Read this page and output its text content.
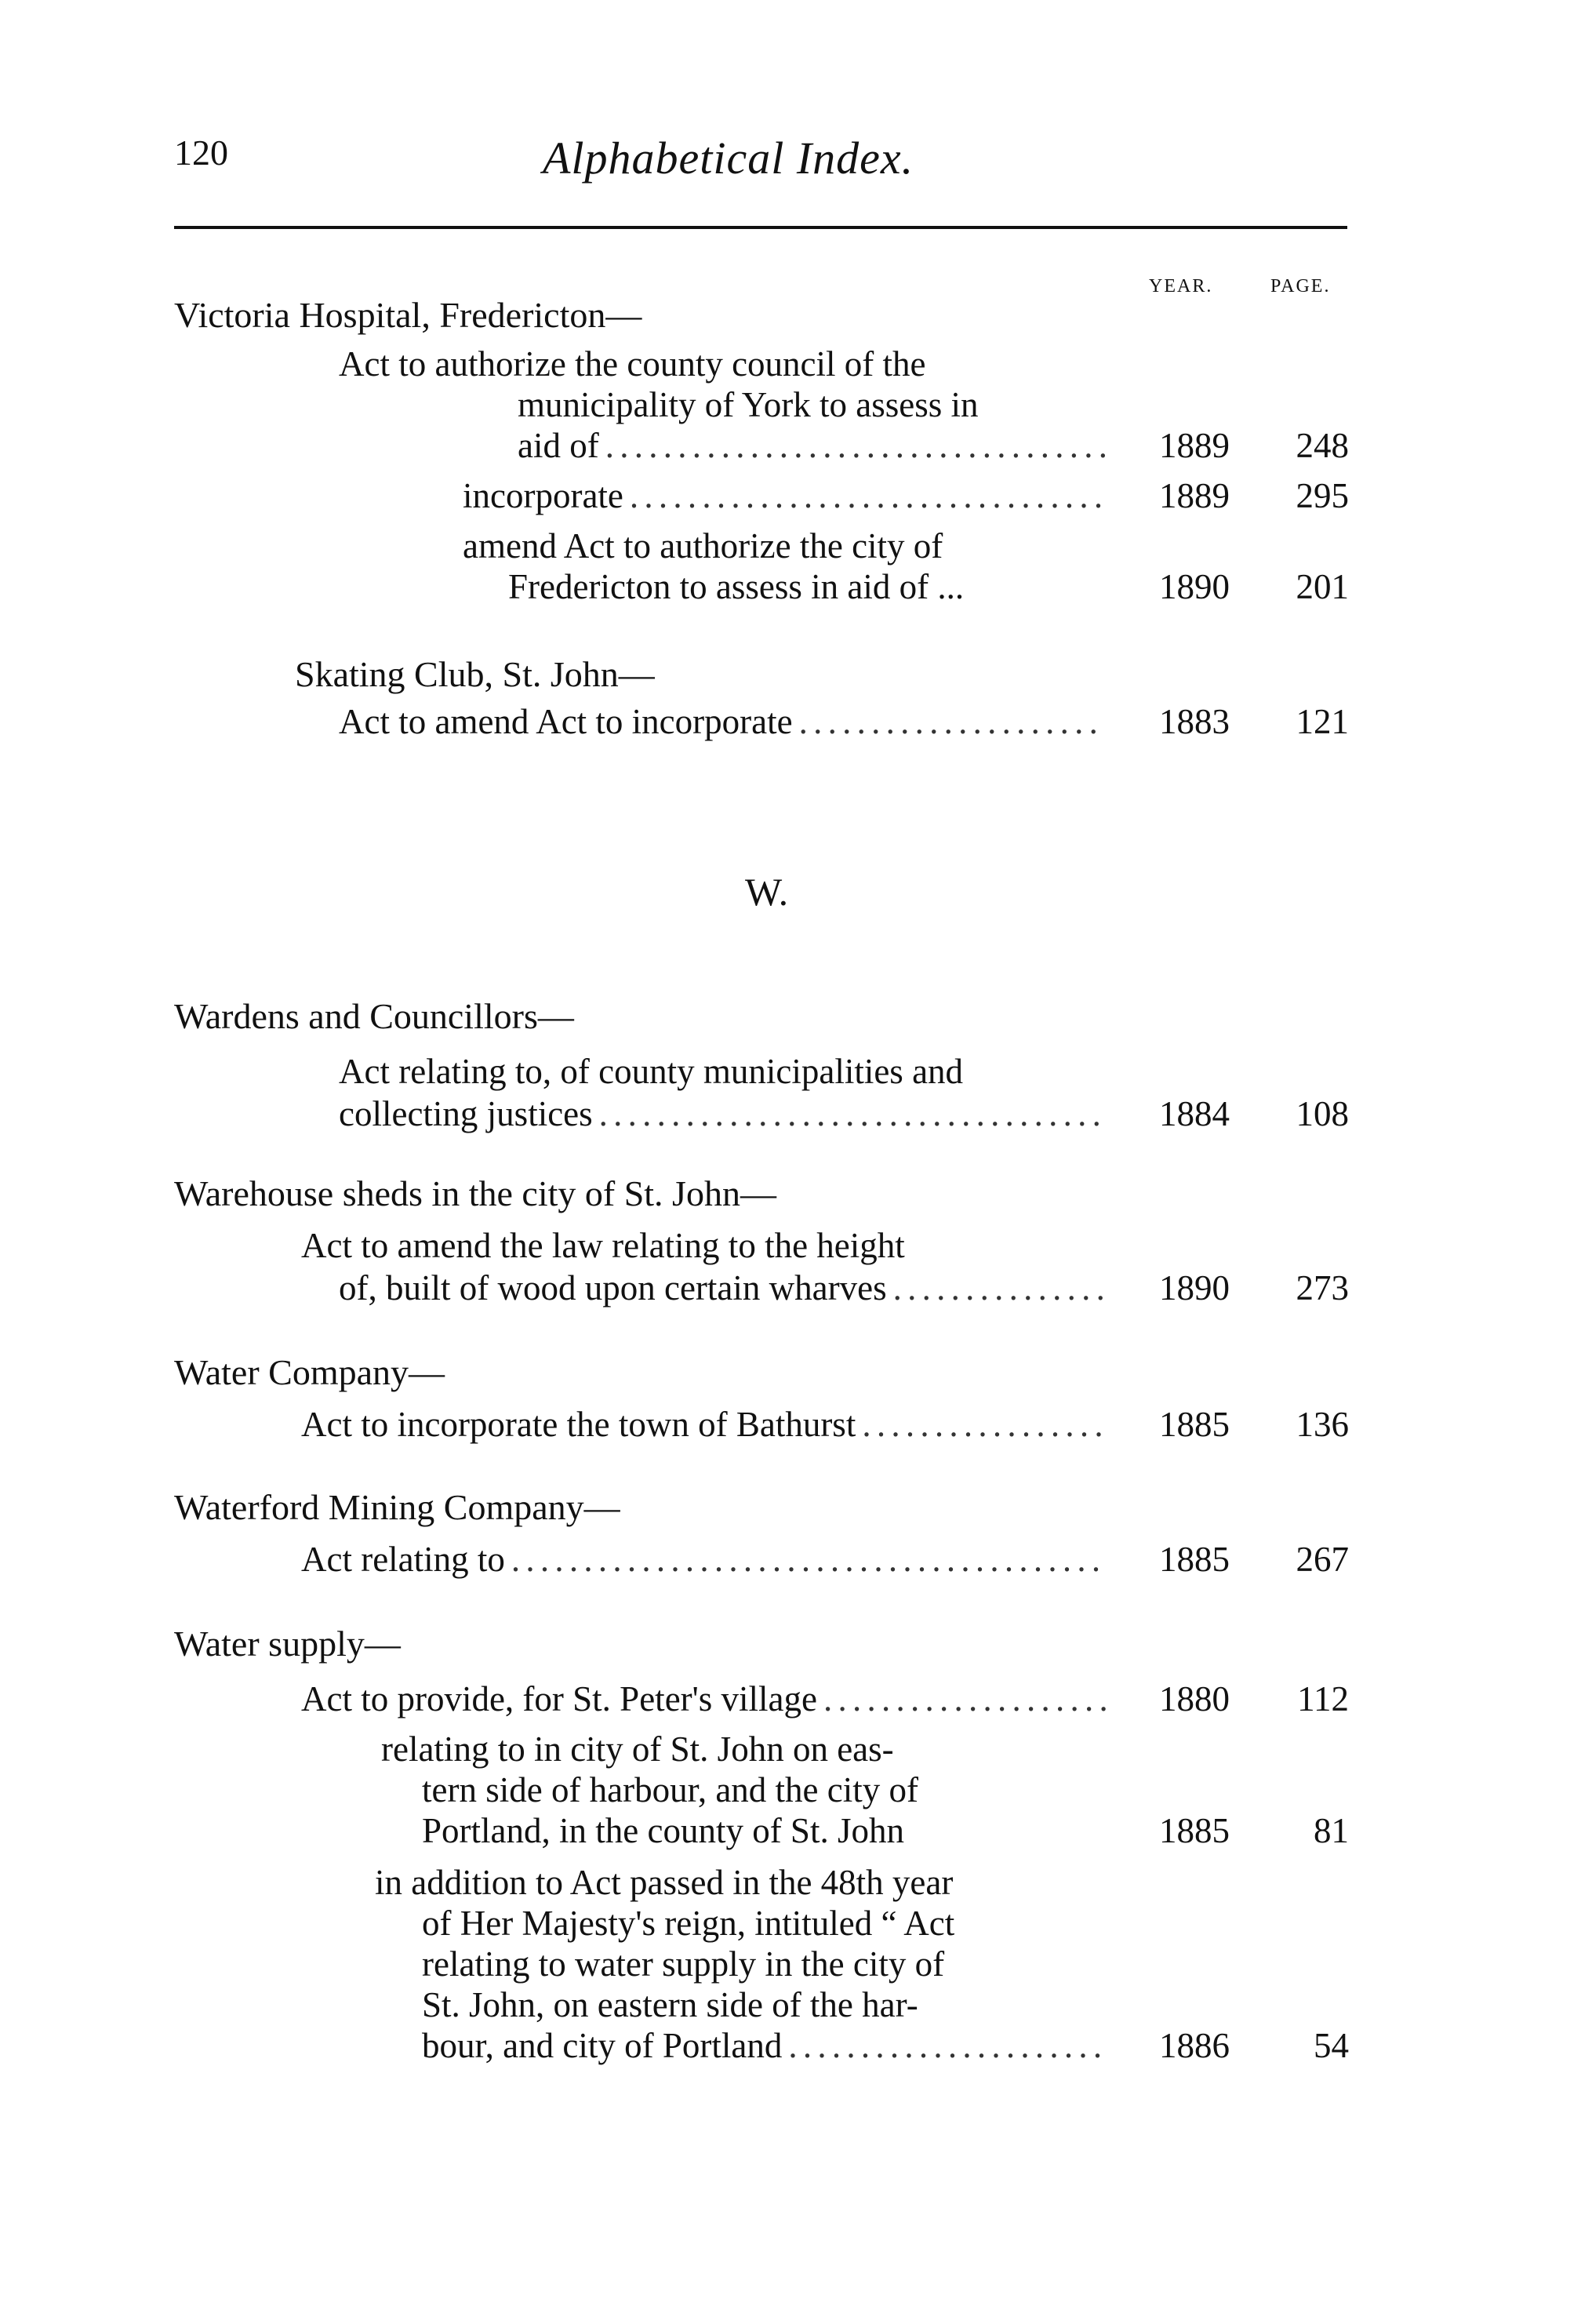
120	Alphabetical Index.
YEAR.	PAGE.
Victoria Hospital, Fredericton—
Act to authorize the county council of the
municipality of York to assess in
aid of . . .	1889	248
incorporate . . .	1889	295
amend Act to authorize the city of
Fredericton to assess in aid of ...	1890	201
Skating Club, St. John—
Act to amend Act to incorporate . . .	1883	121
W.
Wardens and Councillors—
Act relating to, of county municipalities and
collecting justices . . .	1884	108
Warehouse sheds in the city of St. John—
Act to amend the law relating to the height
of, built of wood upon certain wharves . . .	1890	273
Water Company—
Act to incorporate the town of Bathurst . . .	1885	136
Waterford Mining Company—
Act relating to . . .	1885	267
Water supply—
Act to provide, for St. Peter's village . . .	1880	112
relating to in city of St. John on eas-
tern side of harbour, and the city of
Portland, in the county of St. John	1885	81
in addition to Act passed in the 48th year
of Her Majesty's reign, intituled “ Act
relating to water supply in the city of
St. John, on eastern side of the har-
bour, and city of Portland . . .	1886	54
